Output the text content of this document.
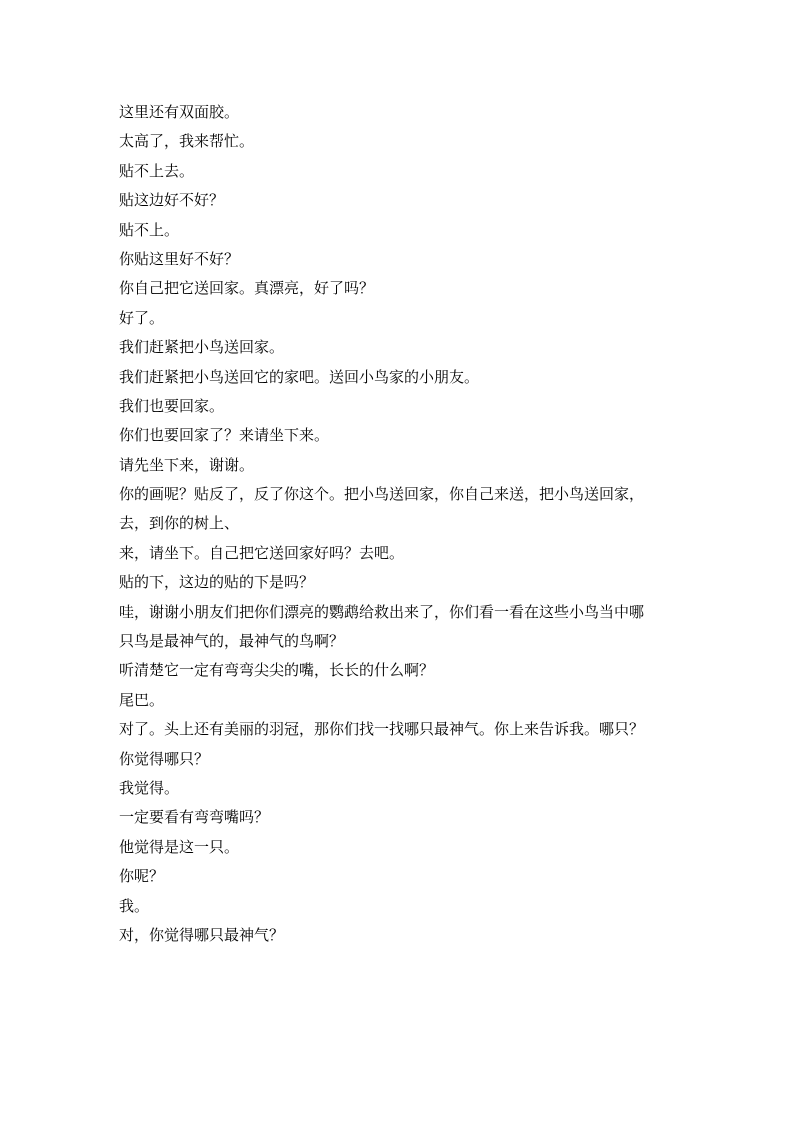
这里还有双面胶。
太高了，我来帮忙。
贴不上去。
贴这边好不好？
贴不上。
你贴这里好不好？
你自己把它送回家。真漂亮，好了吗？
好了。
我们赶紧把小鸟送回家。
我们赶紧把小鸟送回它的家吧。送回小鸟家的小朋友。
我们也要回家。
你们也要回家了？来请坐下来。
请先坐下来，谢谢。
你的画呢？贴反了，反了你这个。把小鸟送回家，你自己来送，把小鸟送回家，
去，到你的树上、
来，请坐下。自己把它送回家好吗？去吧。
贴的下，这边的贴的下是吗？
哇，谢谢小朋友们把你们漂亮的鹦鹉给救出来了，你们看一看在这些小鸟当中哪
只鸟是最神气的，最神气的鸟啊？
听清楚它一定有弯弯尖尖的嘴，长长的什么啊？
尾巴。
对了。头上还有美丽的羽冠，那你们找一找哪只最神气。你上来告诉我。哪只？
你觉得哪只？
我觉得。
一定要看有弯弯嘴吗？
他觉得是这一只。
你呢？
我。
对，你觉得哪只最神气？
